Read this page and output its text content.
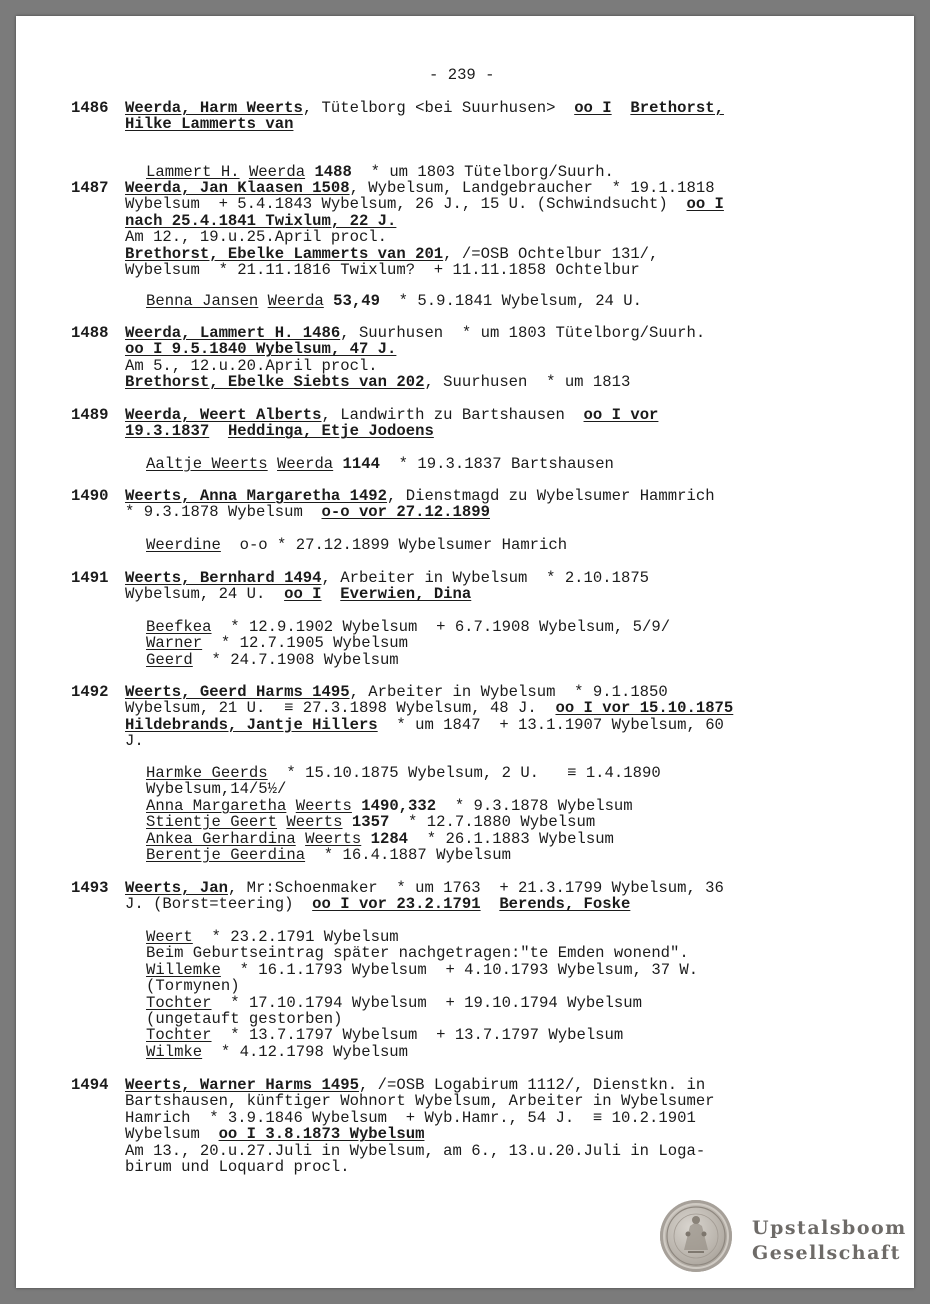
- 239 -
1486 Weerda, Harm Weerts, Tütelborg <bei Suurhusen>  oo I Brethorst,
Hilke Lammerts van
Lammert H. Weerda 1488  * um 1803 Tütelborg/Suurh.
1487 Weerda, Jan Klaasen 1508, Wybelsum, Landgebraucher  * 19.1.1818
Wybelsum  + 5.4.1843 Wybelsum, 26 J., 15 U. (Schwindsucht)  oo I
nach 25.4.1841 Twixlum, 22 J.
Am 12., 19.u.25.April procl.
Brethorst, Ebelke Lammerts van 201, /=OSB Ochtelbur 131/,
Wybelsum  * 21.11.1816 Twixlum?  + 11.11.1858 Ochtelbur
Benna Jansen Weerda 53,49  * 5.9.1841 Wybelsum, 24 U.
1488 Weerda, Lammert H. 1486, Suurhusen  * um 1803 Tütelborg/Suurh.
oo I 9.5.1840 Wybelsum, 47 J.
Am 5., 12.u.20.April procl.
Brethorst, Ebelke Siebts van 202, Suurhusen  * um 1813
1489 Weerda, Weert Alberts, Landwirth zu Bartshausen  oo I vor
19.3.1837 Heddinga, Etje Jodoens
Aaltje Weerts Weerda 1144  * 19.3.1837 Bartshausen
1490 Weerts, Anna Margaretha 1492, Dienstmagd zu Wybelsumer Hammrich
* 9.3.1878 Wybelsum  o-o vor 27.12.1899
Weerdine  o-o * 27.12.1899 Wybelsumer Hamrich
1491 Weerts, Bernhard 1494, Arbeiter in Wybelsum  * 2.10.1875
Wybelsum, 24 U.  oo I Everwien, Dina
Beefkea  * 12.9.1902 Wybelsum  + 6.7.1908 Wybelsum, 5/9/
Warner  * 12.7.1905 Wybelsum
Geerd  * 24.7.1908 Wybelsum
1492 Weerts, Geerd Harms 1495, Arbeiter in Wybelsum  * 9.1.1850
Wybelsum, 21 U.  ≡ 27.3.1898 Wybelsum, 48 J.  oo I vor 15.10.1875
Hildebrands, Jantje Hillers  * um 1847  + 13.1.1907 Wybelsum, 60
J.
Harmke Geerds  * 15.10.1875 Wybelsum, 2 U.   ≡ 1.4.1890
Wybelsum,14/5½/
Anna Margaretha Weerts 1490,332  * 9.3.1878 Wybelsum
Stientje Geert Weerts 1357  * 12.7.1880 Wybelsum
Ankea Gerhardina Weerts 1284  * 26.1.1883 Wybelsum
Berentje Geerdina  * 16.4.1887 Wybelsum
1493 Weerts, Jan, Mr:Schoenmaker  * um 1763  + 21.3.1799 Wybelsum, 36
J. (Borst=teering)  oo I vor 23.2.1791 Berends, Foske
Weert  * 23.2.1791 Wybelsum
Beim Geburtseintrag später nachgetragen:"te Emden wonend".
Willemke  * 16.1.1793 Wybelsum  + 4.10.1793 Wybelsum, 37 W.
(Tormynen)
Tochter  * 17.10.1794 Wybelsum  + 19.10.1794 Wybelsum
(ungetauft gestorben)
Tochter  * 13.7.1797 Wybelsum  + 13.7.1797 Wybelsum
Wilmke  * 4.12.1798 Wybelsum
1494 Weerts, Warner Harms 1495, /=OSB Logabirum 1112/, Dienstkn. in
Bartshausen, künftiger Wohnort Wybelsum, Arbeiter in Wybelsumer
Hamrich  * 3.9.1846 Wybelsum  + Wyb.Hamr., 54 J.  ≡ 10.2.1901
Wybelsum  oo I 3.8.1873 Wybelsum
Am 13., 20.u.27.Juli in Wybelsum, am 6., 13.u.20.Juli in Loga-
birum und Loquard procl.
Upstalsboom
Gesellschaft
